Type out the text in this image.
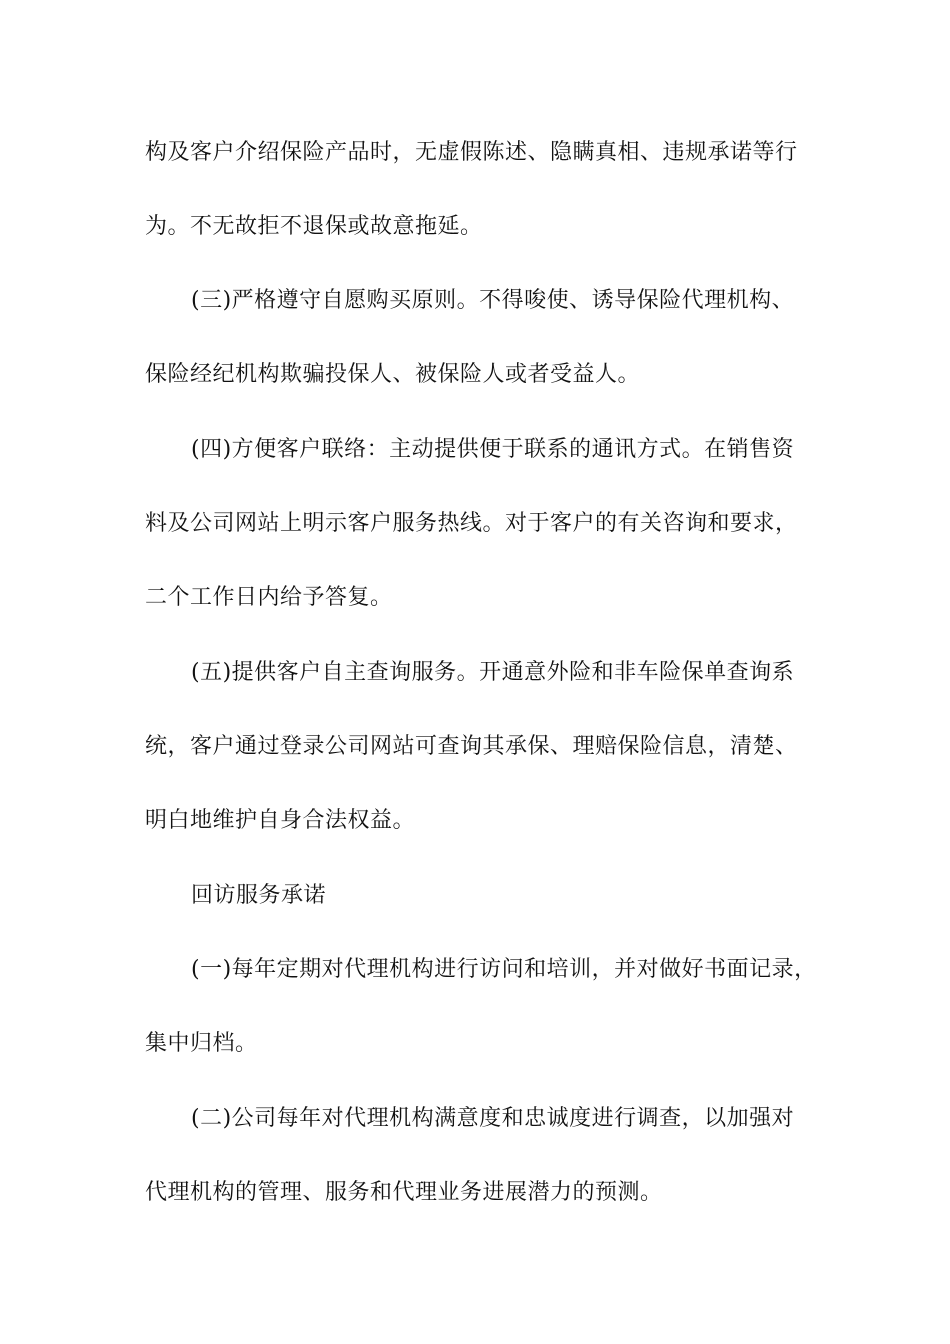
构及客户介绍保险产品时，无虚假陈述、隐瞒真相、违规承诺等行
为。不无故拒不退保或故意拖延。
(三)严格遵守自愿购买原则。不得唆使、诱导保险代理机构、
保险经纪机构欺骗投保人、被保险人或者受益人。
(四)方便客户联络：主动提供便于联系的通讯方式。在销售资
料及公司网站上明示客户服务热线。对于客户的有关咨询和要求，
二个工作日内给予答复。
(五)提供客户自主查询服务。开通意外险和非车险保单查询系
统，客户通过登录公司网站可查询其承保、理赔保险信息，清楚、
明白地维护自身合法权益。
回访服务承诺
(一)每年定期对代理机构进行访问和培训，并对做好书面记录，
集中归档。
(二)公司每年对代理机构满意度和忠诚度进行调查，以加强对
代理机构的管理、服务和代理业务进展潜力的预测。
